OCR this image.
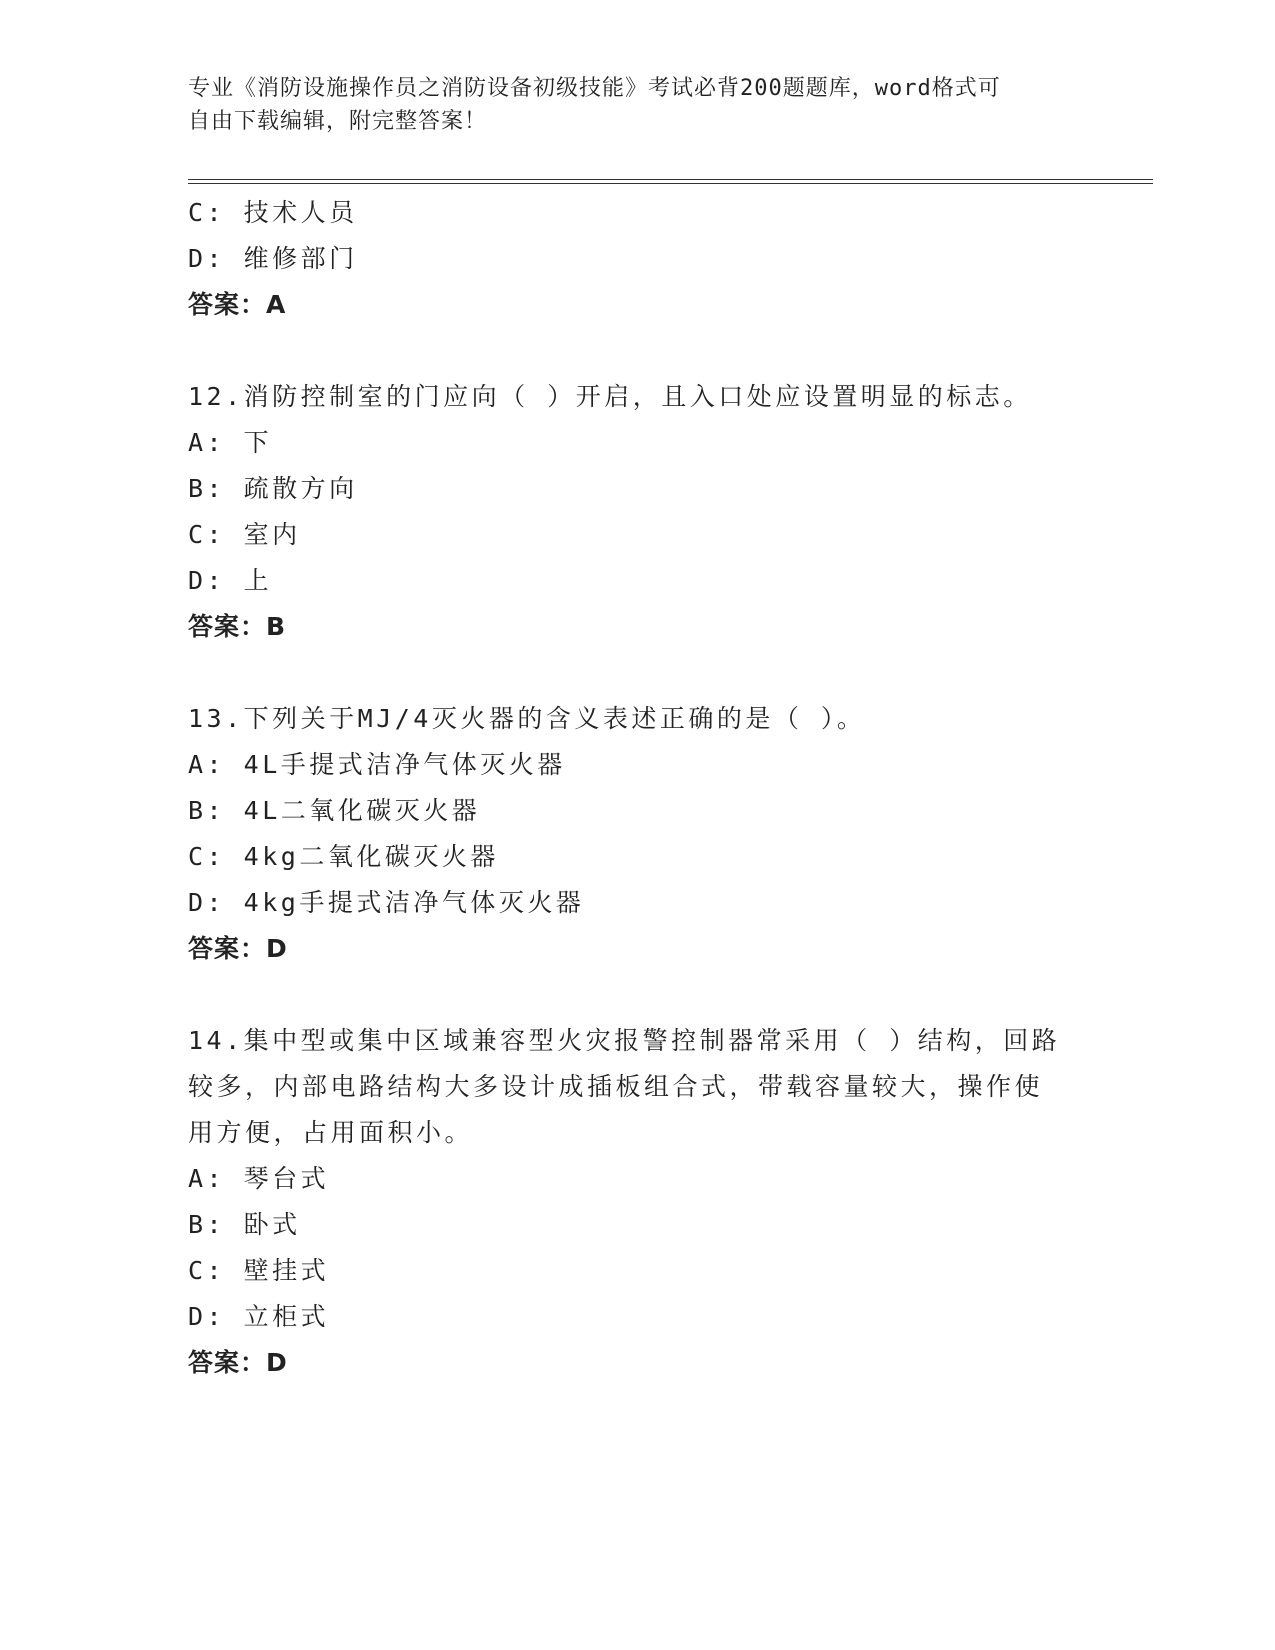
专业《消防设施操作员之消防设备初级技能》考试必背200题题库，word格式可
自由下载编辑，附完整答案！
C: 技术人员
D: 维修部门
答案：A
12.消防控制室的门应向（ ）开启，且入口处应设置明显的标志。
A: 下
B: 疏散方向
C: 室内
D: 上
答案：B
13.下列关于MJ/4灭火器的含义表述正确的是（ ）。
A: 4L手提式洁净气体灭火器
B: 4L二氧化碳灭火器
C: 4kg二氧化碳灭火器
D: 4kg手提式洁净气体灭火器
答案：D
14.集中型或集中区域兼容型火灾报警控制器常采用（ ）结构，回路
较多，内部电路结构大多设计成插板组合式，带载容量较大，操作使
用方便，占用面积小。
A: 琴台式
B: 卧式
C: 壁挂式
D: 立柜式
答案：D
